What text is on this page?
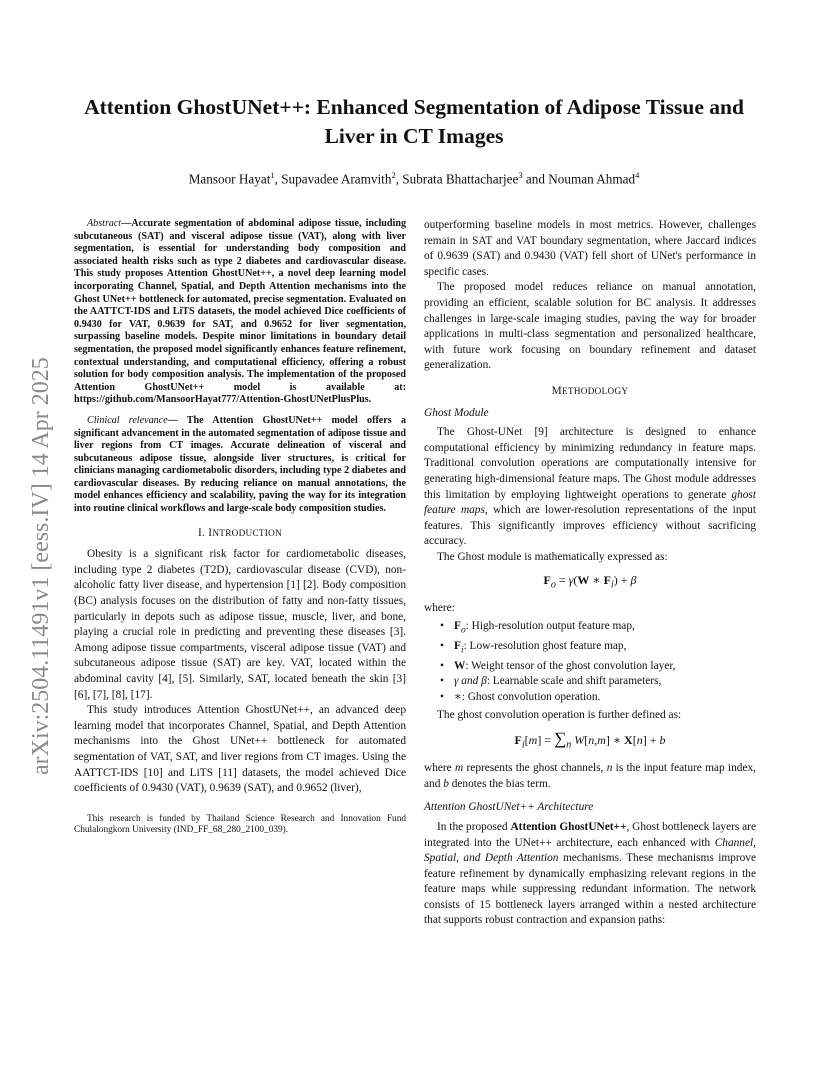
arXiv:2504.11491v1 [eess.IV] 14 Apr 2025
Attention GhostUNet++: Enhanced Segmentation of Adipose Tissue and
Liver in CT Images
Mansoor Hayat$^1$, Supavadee Aramvith$^2$, Subrata Bhattacharjee$^3$ and Nouman Ahmad$^4$

Abstract—Accurate segmentation of abdominal adipose tissue, including subcutaneous (SAT) and visceral adipose tissue (VAT), along with liver segmentation, is essential for understanding body composition and associated health risks such as type 2 diabetes and cardiovascular disease. This study proposes Attention GhostUNet++, a novel deep learning model incorporating Channel, Spatial, and Depth Attention mechanisms into the Ghost UNet++ bottleneck for automated, precise segmentation. Evaluated on the AATTCT-IDS and LiTS datasets, the model achieved Dice coefficients of 0.9430 for VAT, 0.9639 for SAT, and 0.9652 for liver segmentation, surpassing baseline models. Despite minor limitations in boundary detail segmentation, the proposed model significantly enhances feature refinement, contextual understanding, and computational efficiency, offering a robust solution for body composition analysis. The implementation of the proposed Attention GhostUNet++ model is available at: https://github.com/MansoorHayat777/Attention-GhostUNetPlusPlus.

Clinical relevance— The Attention GhostUNet++ model offers a significant advancement in the automated segmentation of adipose tissue and liver regions from CT images. Accurate delineation of visceral and subcutaneous adipose tissue, alongside liver structures, is critical for clinicians managing cardiometabolic disorders, including type 2 diabetes and cardiovascular diseases. By reducing reliance on manual annotations, the model enhances efficiency and scalability, paving the way for its integration into routine clinical workflows and large-scale body composition studies.

I. INTRODUCTION

Obesity is a significant risk factor for cardiometabolic diseases, including type 2 diabetes (T2D), cardiovascular disease (CVD), non-alcoholic fatty liver disease, and hypertension [1] [2]. Body composition (BC) analysis focuses on the distribution of fatty and non-fatty tissues, particularly in depots such as adipose tissue, muscle, liver, and bone, playing a crucial role in predicting and preventing these diseases [3]. Among adipose tissue compartments, visceral adipose tissue (VAT) and subcutaneous adipose tissue (SAT) are key. VAT, located within the abdominal cavity [4], [5]. Similarly, SAT, located beneath the skin [3] [6], [7], [8], [17].

This study introduces Attention GhostUNet++, an advanced deep learning model that incorporates Channel, Spatial, and Depth Attention mechanisms into the Ghost UNet++ bottleneck for automated segmentation of VAT, SAT, and liver regions from CT images. Using the AATTCT-IDS [10] and LiTS [11] datasets, the model achieved Dice coefficients of 0.9430 (VAT), 0.9639 (SAT), and 0.9652 (liver),

This research is funded by Thailand Science Research and Innovation Fund Chulalongkorn University (IND_FF_68_280_2100_039).

outperforming baseline models in most metrics. However, challenges remain in SAT and VAT boundary segmentation, where Jaccard indices of 0.9639 (SAT) and 0.9430 (VAT) fell short of UNet's performance in specific cases.

The proposed model reduces reliance on manual annotation, providing an efficient, scalable solution for BC analysis. It addresses challenges in large-scale imaging studies, paving the way for broader applications in multi-class segmentation and personalized healthcare, with future work focusing on boundary refinement and dataset generalization.

METHODOLOGY
Ghost Module

The Ghost-UNet [9] architecture is designed to enhance computational efficiency by minimizing redundancy in feature maps. Traditional convolution operations are computationally intensive for generating high-dimensional feature maps. The Ghost module addresses this limitation by employing lightweight operations to generate ghost feature maps, which are lower-resolution representations of the input features. This significantly improves efficiency without sacrificing accuracy.

The Ghost module is mathematically expressed as:

$F_o = \gamma(W$ ∗ $F_i) + \beta$

where:

• $F_o$: High-resolution output feature map,
• $F_i$: Low-resolution ghost feature map,
• W: Weight tensor of the ghost convolution layer,
• γ and β: Learnable scale and shift parameters,
• ∗: Ghost convolution operation.

The ghost convolution operation is further defined as:

$F_i[m] = \sum_n$ W[n,m] ∗ X[n] + b

where m represents the ghost channels, n is the input feature map index, and b denotes the bias term.

Attention GhostUNet++ Architecture

In the proposed Attention GhostUNet++, Ghost bottleneck layers are integrated into the UNet++ architecture, each enhanced with Channel, Spatial, and Depth Attention mechanisms. These mechanisms improve feature refinement by dynamically emphasizing relevant regions in the feature maps while suppressing redundant information. The network consists of 15 bottleneck layers arranged within a nested architecture that supports robust contraction and expansion paths:
